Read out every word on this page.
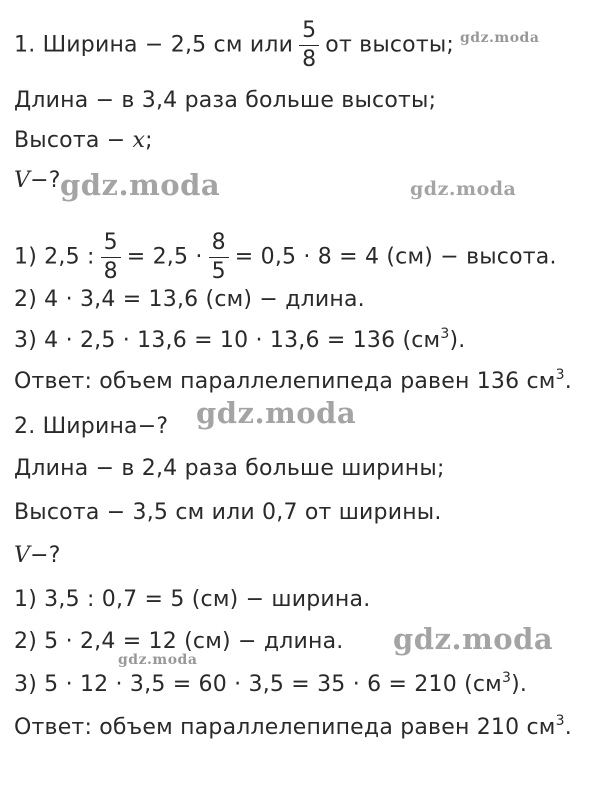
1. Ширина − 2,5 см или $\frac{5}{8}$ от высоты;
Длина − в 3,4 раза больше высоты;
Высота − x;
V−?
1) 2,5 : $\frac{5}{8} = 2,5 \cdot \frac{8}{5} = 0,5 \cdot 8 = 4$ (см) − высота.
2) 4 · 3,4 = 13,6 (см) − длина.
3) 4 · 2,5 · 13,6 = 10 · 13,6 = 136 $(см^3)$.
Ответ: объем параллелепипеда равен 136 $см^3$.
2. Ширина−?
Длина − в 2,4 раза больше ширины;
Высота − 3,5 см или 0,7 от ширины.
V−?
1) 3,5 : 0,7 = 5 (см) − ширина.
2) 5 · 2,4 = 12 (см) − длина.
3) 5 · 12 · 3,5 = 60 · 3,5 = 35 · 6 = 210 $(см^3)$.
Ответ: объем параллелепипеда равен 210 $см^3$.
gdz.moda
gdz.moda	gdz.moda
gdz.moda
gdz.moda
gdz.moda
